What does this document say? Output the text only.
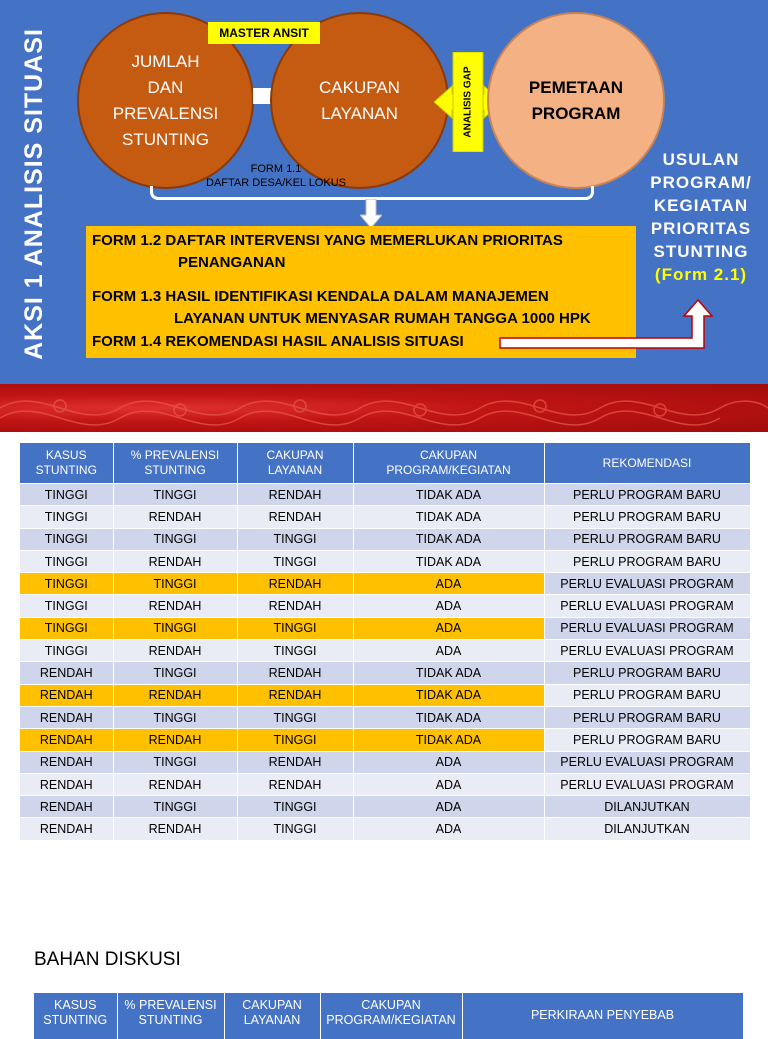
AKSI 1 ANALISIS SITUASI	JUMLAH
DAN
PREVALENSI
STUNTING
CAKUPAN
LAYANAN
MASTER ANSIT
ANALISIS GAP	PEMETAAN
PROGRAM
FORM 1.1
DAFTAR DESA/KEL LOKUS
USULAN
PROGRAM/
KEGIATAN
PRIORITAS
STUNTING
(Form 2.1)
FORM 1.2 DAFTAR INTERVENSI YANG MEMERLUKAN PRIORITAS
PENANGANAN
FORM 1.3 HASIL IDENTIFIKASI KENDALA DALAM MANAJEMEN
LAYANAN UNTUK MENYASAR RUMAH TANGGA 1000 HPK
FORM 1.4 REKOMENDASI HASIL ANALISIS SITUASI
KASUS STUNTING	% PREVALENSI STUNTING	CAKUPAN LAYANAN	CAKUPAN PROGRAM/KEGIATAN	REKOMENDASI
TINGGI	TINGGI	RENDAH	TIDAK ADA	PERLU PROGRAM BARU
TINGGI	RENDAH	RENDAH	TIDAK ADA	PERLU PROGRAM BARU
TINGGI	TINGGI	TINGGI	TIDAK ADA	PERLU PROGRAM BARU
TINGGI	RENDAH	TINGGI	TIDAK ADA	PERLU PROGRAM BARU
TINGGI	TINGGI	RENDAH	ADA	PERLU EVALUASI PROGRAM
TINGGI	RENDAH	RENDAH	ADA	PERLU EVALUASI PROGRAM
TINGGI	TINGGI	TINGGI	ADA	PERLU EVALUASI PROGRAM
TINGGI	RENDAH	TINGGI	ADA	PERLU EVALUASI PROGRAM
RENDAH	TINGGI	RENDAH	TIDAK ADA	PERLU PROGRAM BARU
RENDAH	RENDAH	RENDAH	TIDAK ADA	PERLU PROGRAM BARU
RENDAH	TINGGI	TINGGI	TIDAK ADA	PERLU PROGRAM BARU
RENDAH	RENDAH	TINGGI	TIDAK ADA	PERLU PROGRAM BARU
RENDAH	TINGGI	RENDAH	ADA	PERLU EVALUASI PROGRAM
RENDAH	RENDAH	RENDAH	ADA	PERLU EVALUASI PROGRAM
RENDAH	TINGGI	TINGGI	ADA	DILANJUTKAN
RENDAH	RENDAH	TINGGI	ADA	DILANJUTKAN
BAHAN DISKUSI
KASUS STUNTING	% PREVALENSI STUNTING	CAKUPAN LAYANAN	CAKUPAN PROGRAM/KEGIATAN	PERKIRAAN PENYEBAB
